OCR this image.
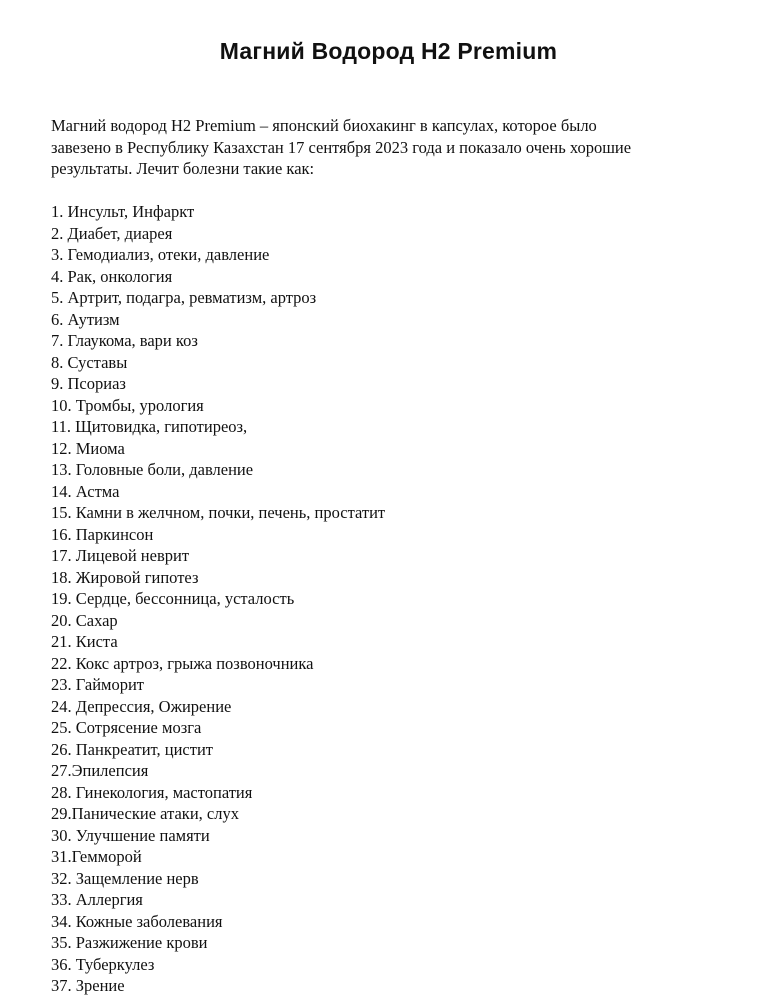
Магний Водород H2 Premium
Магний водород H2 Premium – японский биохакинг в капсулах, которое было
завезено в Республику Казахстан 17 сентября 2023 года и показало очень хорошие
результаты. Лечит болезни такие как:
1. Инсульт, Инфаркт
2. Диабет, диарея
3. Гемодиализ, отеки, давление
4. Рак, онкология
5. Артрит, подагра, ревматизм, артроз
6. Аутизм
7. Глаукома, вари коз
8. Суставы
9. Псориаз
10. Тромбы, урология
11. Щитовидка, гипотиреоз,
12. Миома
13. Головные боли, давление
14. Астма
15. Камни в желчном, почки, печень, простатит
16. Паркинсон
17. Лицевой неврит
18. Жировой гипотез
19. Сердце, бессонница, усталость
20. Сахар
21. Киста
22. Кокс артроз, грыжа позвоночника
23. Гайморит
24. Депрессия, Ожирение
25. Сотрясение мозга
26. Панкреатит, цистит
27.Эпилепсия
28. Гинекология, мастопатия
29.Панические атаки, слух
30. Улучшение памяти
31.Гемморой
32. Защемление нерв
33. Аллергия
34. Кожные заболевания
35. Разжижение крови
36. Туберкулез
37. Зрение
